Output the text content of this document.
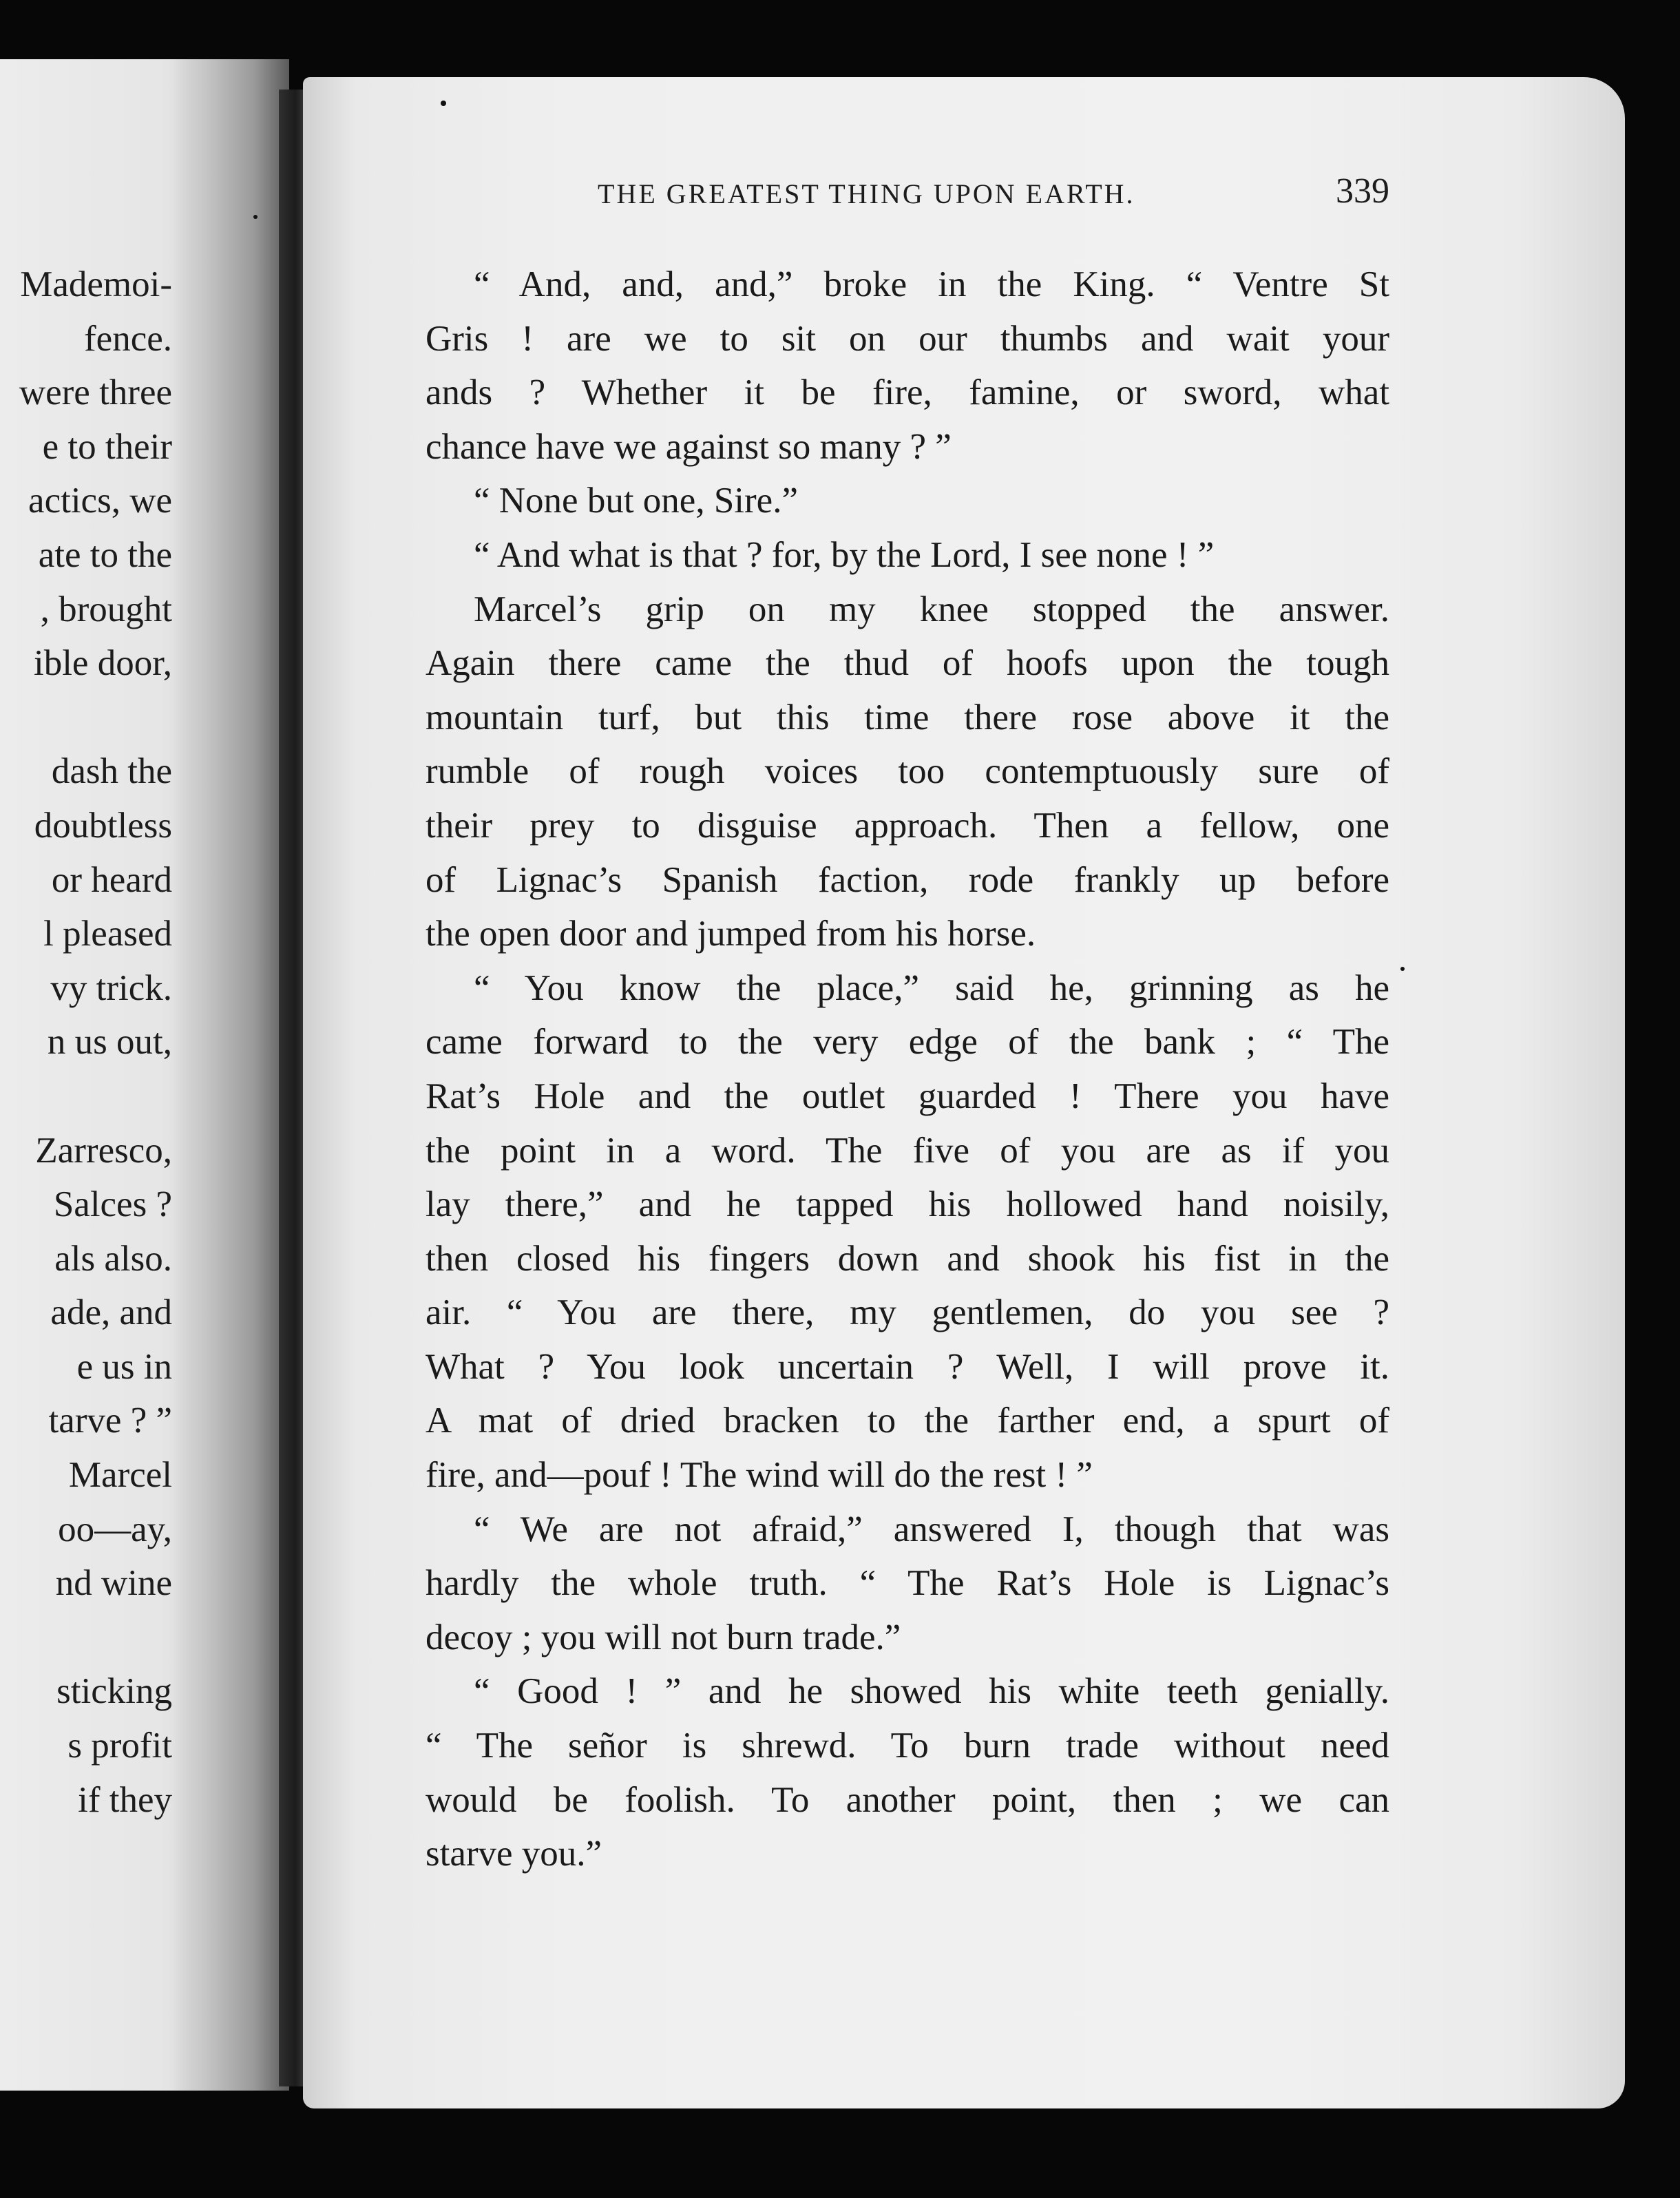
Mademoi-
fence.
were three
e to their
actics, we
ate to the
, brought
ible door,
dash the
doubtless
or heard
l pleased
vy trick.
n us out,
Zarresco,
Salces ?
als also.
ade, and
e us in
tarve ? ”
Marcel
oo—ay,
nd wine
sticking
s profit
if they
THE GREATEST THING UPON EARTH.	339
“ And, and, and,” broke in the King. “ Ventre St
Gris ! are we to sit on our thumbs and wait your
ands ? Whether it be fire, famine, or sword, what
chance have we against so many ? ”
“ None but one, Sire.”
“ And what is that ? for, by the Lord, I see none ! ”
Marcel’s grip on my knee stopped the answer.
Again there came the thud of hoofs upon the tough
mountain turf, but this time there rose above it the
rumble of rough voices too contemptuously sure of
their prey to disguise approach. Then a fellow, one
of Lignac’s Spanish faction, rode frankly up before
the open door and jumped from his horse.
“ You know the place,” said he, grinning as he
came forward to the very edge of the bank ; “ The
Rat’s Hole and the outlet guarded ! There you have
the point in a word. The five of you are as if you
lay there,” and he tapped his hollowed hand noisily,
then closed his fingers down and shook his fist in the
air. “ You are there, my gentlemen, do you see ?
What ? You look uncertain ? Well, I will prove it.
A mat of dried bracken to the farther end, a spurt of
fire, and—pouf ! The wind will do the rest ! ”
“ We are not afraid,” answered I, though that was
hardly the whole truth. “ The Rat’s Hole is Lignac’s
decoy ; you will not burn trade.”
“ Good ! ” and he showed his white teeth genially.
“ The señor is shrewd. To burn trade without need
would be foolish. To another point, then ; we can
starve you.”
